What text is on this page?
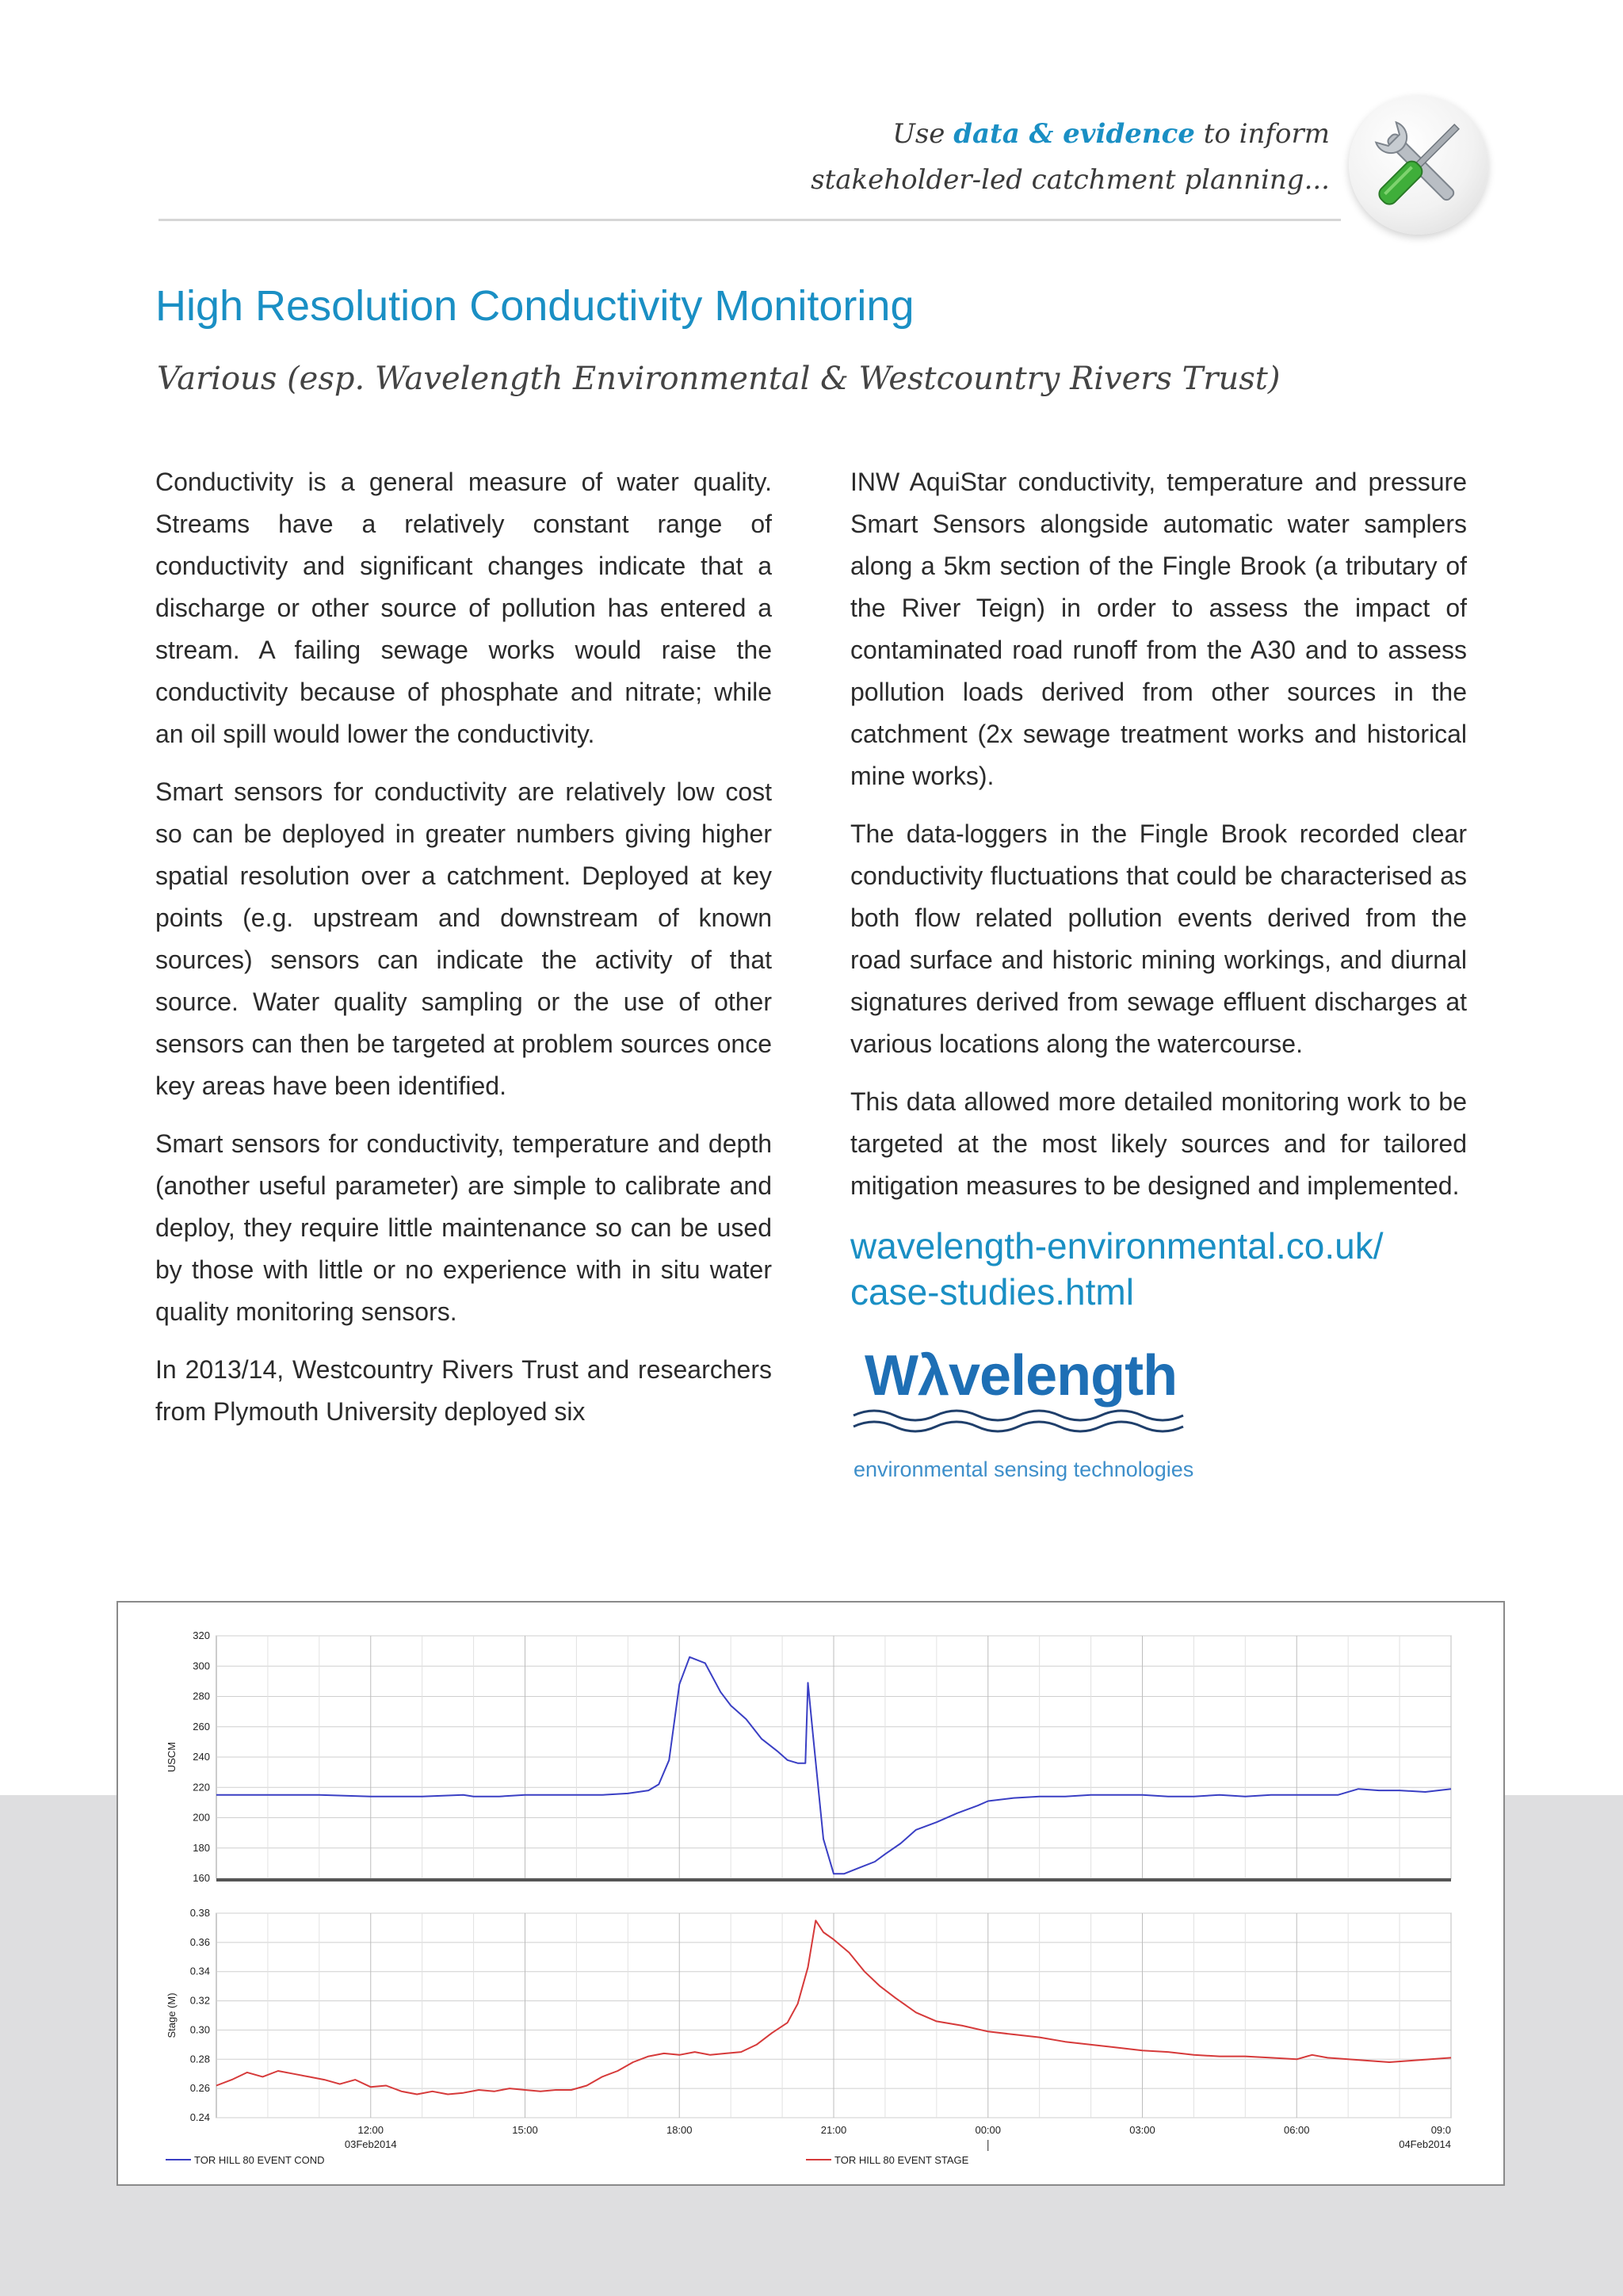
Use data & evidence to inform
stakeholder-led catchment planning...
High Resolution Conductivity Monitoring
Various (esp. Wavelength Environmental & Westcountry Rivers Trust)

Conductivity is a general measure of water quality. Streams have a relatively constant range of conductivity and significant changes indicate that a discharge or other source of pollution has entered a stream. A failing sewage works would raise the conductivity because of phosphate and nitrate; while an oil spill would lower the conductivity.

Smart sensors for conductivity are relatively low cost so can be deployed in greater numbers giving higher spatial resolution over a catchment. Deployed at key points (e.g. upstream and downstream of known sources) sensors can indicate the activity of that source. Water quality sampling or the use of other sensors can then be targeted at problem sources once key areas have been identified.

Smart sensors for conductivity, temperature and depth (another useful parameter) are simple to calibrate and deploy, they require little maintenance so can be used by those with little or no experience with in situ water quality monitoring sensors.

In 2013/14, Westcountry Rivers Trust and researchers from Plymouth University deployed six

INW AquiStar conductivity, temperature and pressure Smart Sensors alongside automatic water samplers along a 5km section of the Fingle Brook (a tributary of the River Teign) in order to assess the impact of contaminated road runoff from the A30 and to assess pollution loads derived from other sources in the catchment (2x sewage treatment works and historical mine works).

The data-loggers in the Fingle Brook recorded clear conductivity fluctuations that could be characterised as both flow related pollution events derived from the road surface and historic mining workings, and diurnal signatures derived from sewage effluent discharges at various locations along the watercourse.

This data allowed more detailed monitoring work to be targeted at the most likely sources and for tailored mitigation measures to be designed and implemented.

wavelength-environmental.co.uk/
case-studies.html
Wλvelength
environmental sensing technologies
160
180
200
220
240
260
280
300
320
USCM
0.24
0.26
0.28
0.30
0.32
0.34
0.36
0.38
Stage (M)
12:00	15:00	18:00	21:00	00:00	03:00	06:00	09:0
03Feb2014	04Feb2014
TOR HILL 80 EVENT COND	TOR HILL 80 EVENT STAGE
